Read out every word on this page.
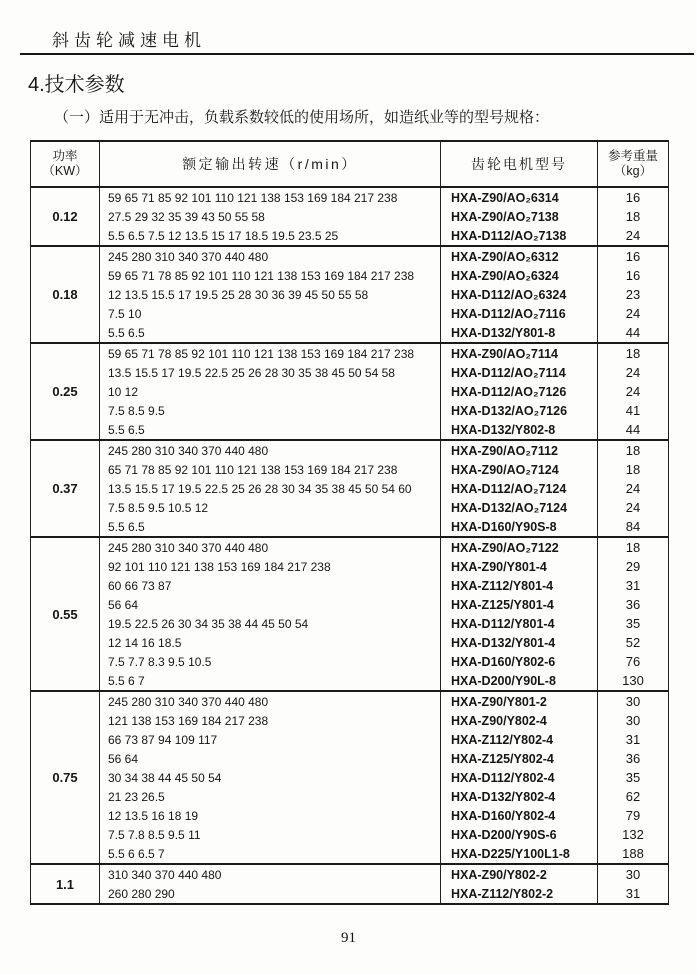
斜齿轮减速电机
4.技术参数
（一）适用于无冲击，负载系数较低的使用场所，如造纸业等的型号规格：
功率
（KW）	额定输出转速（r/min）	齿轮电机型号	参考重量
（kg）
0.12
59 65 71 85 92 101 110 121 138 153 169 184 217 238	HXA-Z90/AO₂6314	16
27.5 29 32 35 39 43 50 55 58	HXA-Z90/AO₂7138	18
5.5 6.5 7.5 12 13.5 15 17 18.5 19.5 23.5 25	HXA-D112/AO₂7138	24
0.18
245 280 310 340 370 440 480	HXA-Z90/AO₂6312	16
59 65 71 78 85 92 101 110 121 138 153 169 184 217 238	HXA-Z90/AO₂6324	16
12 13.5 15.5 17 19.5 25 28 30 36 39 45 50 55 58	HXA-D112/AO₂6324	23
7.5 10	HXA-D112/AO₂7116	24
5.5 6.5	HXA-D132/Y801-8	44
0.25
59 65 71 78 85 92 101 110 121 138 153 169 184 217 238	HXA-Z90/AO₂7114	18
13.5 15.5 17 19.5 22.5 25 26 28 30 35 38 45 50 54 58	HXA-D112/AO₂7114	24
10 12	HXA-D112/AO₂7126	24
7.5 8.5 9.5	HXA-D132/AO₂7126	41
5.5 6.5	HXA-D132/Y802-8	44
0.37
245 280 310 340 370 440 480	HXA-Z90/AO₂7112	18
65 71 78 85 92 101 110 121 138 153 169 184 217 238	HXA-Z90/AO₂7124	18
13.5 15.5 17 19.5 22.5 25 26 28 30 34 35 38 45 50 54 60	HXA-D112/AO₂7124	24
7.5 8.5 9.5 10.5 12	HXA-D132/AO₂7124	24
5.5 6.5	HXA-D160/Y90S-8	84
0.55
245 280 310 340 370 440 480	HXA-Z90/AO₂7122	18
92 101 110 121 138 153 169 184 217 238	HXA-Z90/Y801-4	29
60 66 73 87	HXA-Z112/Y801-4	31
56 64	HXA-Z125/Y801-4	36
19.5 22.5 26 30 34 35 38 44 45 50 54	HXA-D112/Y801-4	35
12 14 16 18.5	HXA-D132/Y801-4	52
7.5 7.7 8.3 9.5 10.5	HXA-D160/Y802-6	76
5.5 6 7	HXA-D200/Y90L-8	130
0.75
245 280 310 340 370 440 480	HXA-Z90/Y801-2	30
121 138 153 169 184 217 238	HXA-Z90/Y802-4	30
66 73 87 94 109 117	HXA-Z112/Y802-4	31
56 64	HXA-Z125/Y802-4	36
30 34 38 44 45 50 54	HXA-D112/Y802-4	35
21 23 26.5	HXA-D132/Y802-4	62
12 13.5 16 18 19	HXA-D160/Y802-4	79
7.5 7.8 8.5 9.5 11	HXA-D200/Y90S-6	132
5.5 6 6.5 7	HXA-D225/Y100L1-8	188
1.1
310 340 370 440 480	HXA-Z90/Y802-2	30
260 280 290	HXA-Z112/Y802-2	31
91
